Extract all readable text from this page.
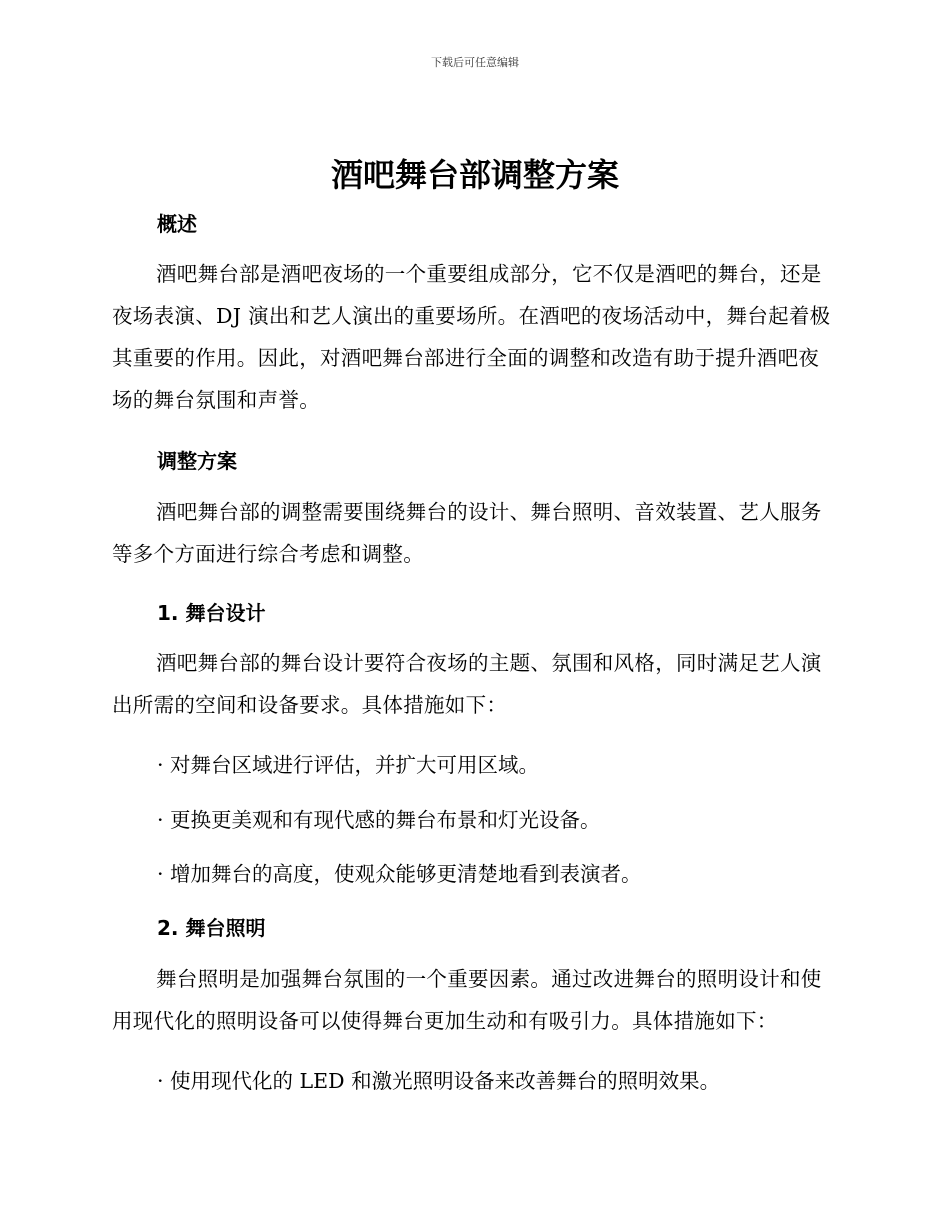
下载后可任意编辑
酒吧舞台部调整方案
概述

酒吧舞台部是酒吧夜场的一个重要组成部分，它不仅是酒吧的舞台，还是夜场表演、DJ 演出和艺人演出的重要场所。在酒吧的夜场活动中，舞台起着极其重要的作用。因此，对酒吧舞台部进行全面的调整和改造有助于提升酒吧夜场的舞台氛围和声誉。

调整方案

酒吧舞台部的调整需要围绕舞台的设计、舞台照明、音效装置、艺人服务等多个方面进行综合考虑和调整。

1. 舞台设计

酒吧舞台部的舞台设计要符合夜场的主题、氛围和风格，同时满足艺人演出所需的空间和设备要求。具体措施如下：

· 对舞台区域进行评估，并扩大可用区域。
· 更换更美观和有现代感的舞台布景和灯光设备。
· 增加舞台的高度，使观众能够更清楚地看到表演者。
2. 舞台照明

舞台照明是加强舞台氛围的一个重要因素。通过改进舞台的照明设计和使用现代化的照明设备可以使得舞台更加生动和有吸引力。具体措施如下：

· 使用现代化的 LED 和激光照明设备来改善舞台的照明效果。
